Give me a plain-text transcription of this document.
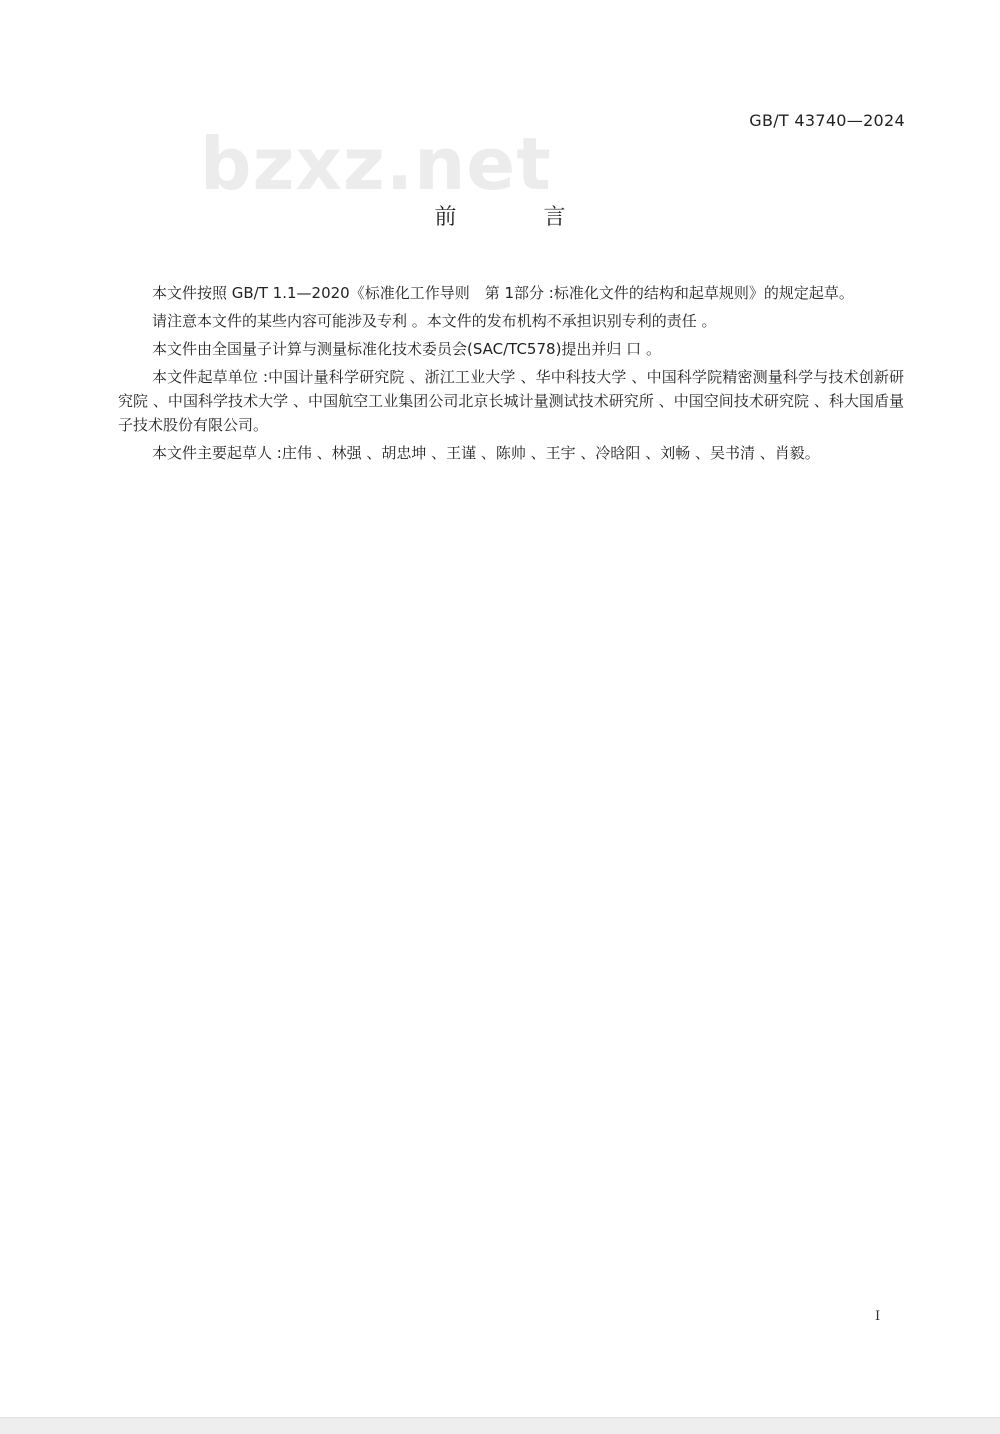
GB/T 43740—2024
bzxz.net
前 言

本文件按照 GB/T 1.1—2020《标准化工作导则　第 1部分 :标准化文件的结构和起草规则》的规定起草。

请注意本文件的某些内容可能涉及专利 。本文件的发布机构不承担识别专利的责任 。

本文件由全国量子计算与测量标准化技术委员会(SAC/TC578)提出并归 口 。

本文件起草单位 :中国计量科学研究院 、浙江工业大学 、华中科技大学 、中国科学院精密测量科学与技术创新研究院 、中国科学技术大学 、中国航空工业集团公司北京长城计量测试技术研究所 、中国空间技术研究院 、科大国盾量子技术股份有限公司。

本文件主要起草人 :庄伟 、林强 、胡忠坤 、王谨 、陈帅 、王宇 、冷晗阳 、刘畅 、吴书清 、肖毅。

I
